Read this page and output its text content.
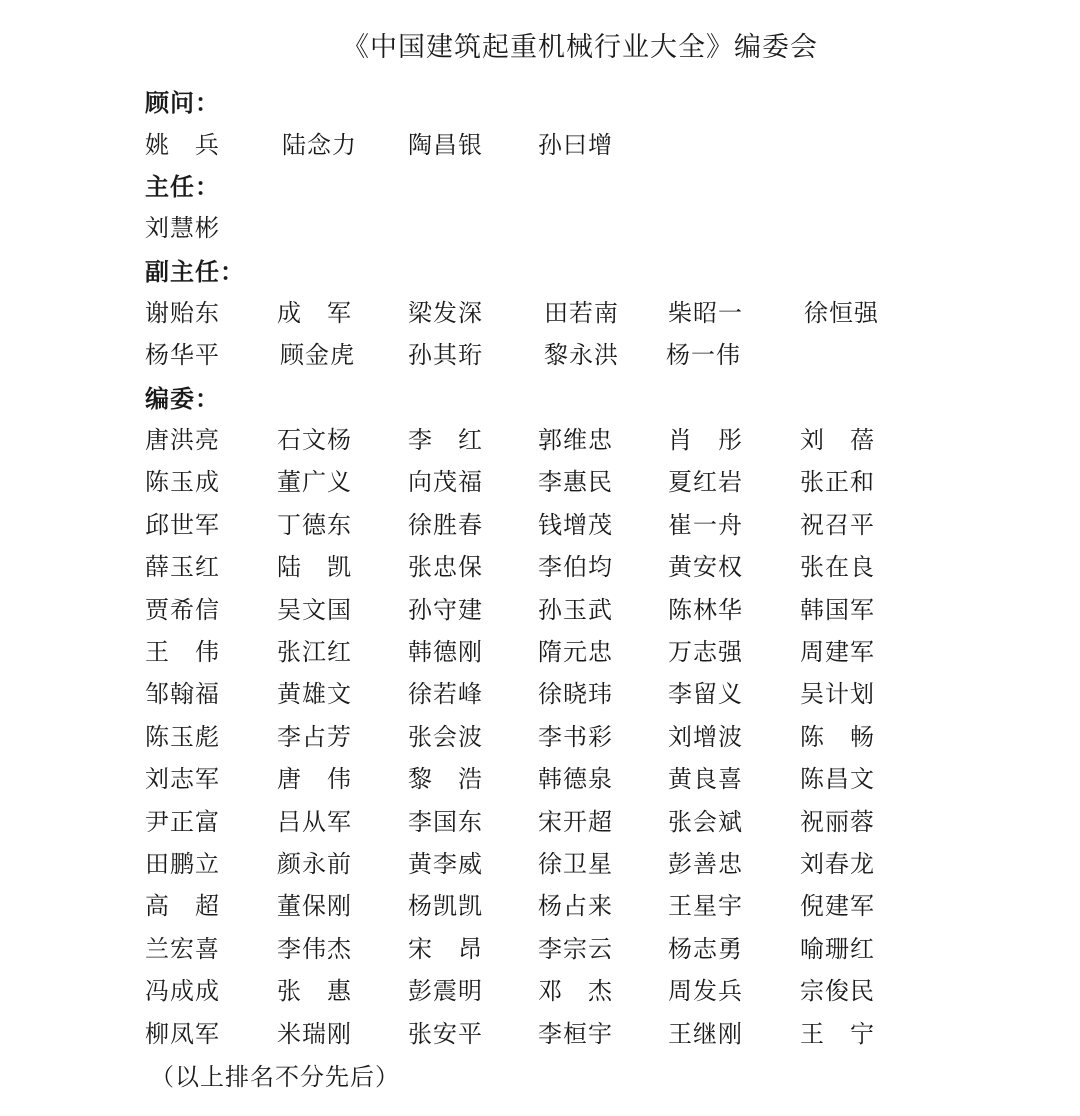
《中国建筑起重机械行业大全》编委会
顾问：
姚　兵	陆念力 陶昌银 孙曰增
主任：
刘慧彬
副主任：
谢贻东 成　军 梁发深	田若南 柴昭一	徐恒强
杨华平	顾金虎 孙其珩	黎永洪 杨一伟
编委：
唐洪亮 石文杨 李　红 郭维忠 肖　彤 刘　蓓
陈玉成 董广义 向茂福 李惠民 夏红岩 张正和
邱世军 丁德东 徐胜春 钱增茂 崔一舟 祝召平
薛玉红 陆　凯 张忠保 李伯均 黄安权 张在良
贾希信 吴文国 孙守建 孙玉武 陈林华 韩国军
王　伟 张江红 韩德刚 隋元忠 万志强 周建军
邹翰福 黄雄文 徐若峰 徐晓玮 李留义 吴计划
陈玉彪 李占芳 张会波 李书彩 刘增波 陈　畅
刘志军 唐　伟 黎　浩 韩德泉 黄良喜 陈昌文
尹正富 吕从军 李国东 宋开超 张会斌 祝丽蓉
田鹏立 颜永前 黄李威 徐卫星 彭善忠 刘春龙
高　超 董保刚 杨凯凯 杨占来 王星宇 倪建军
兰宏喜 李伟杰 宋　昂 李宗云 杨志勇 喻珊红
冯成成 张　惠 彭震明 邓　杰 周发兵 宗俊民
柳凤军 米瑞刚 张安平 李桓宇 王继刚 王　宁
（以上排名不分先后）
